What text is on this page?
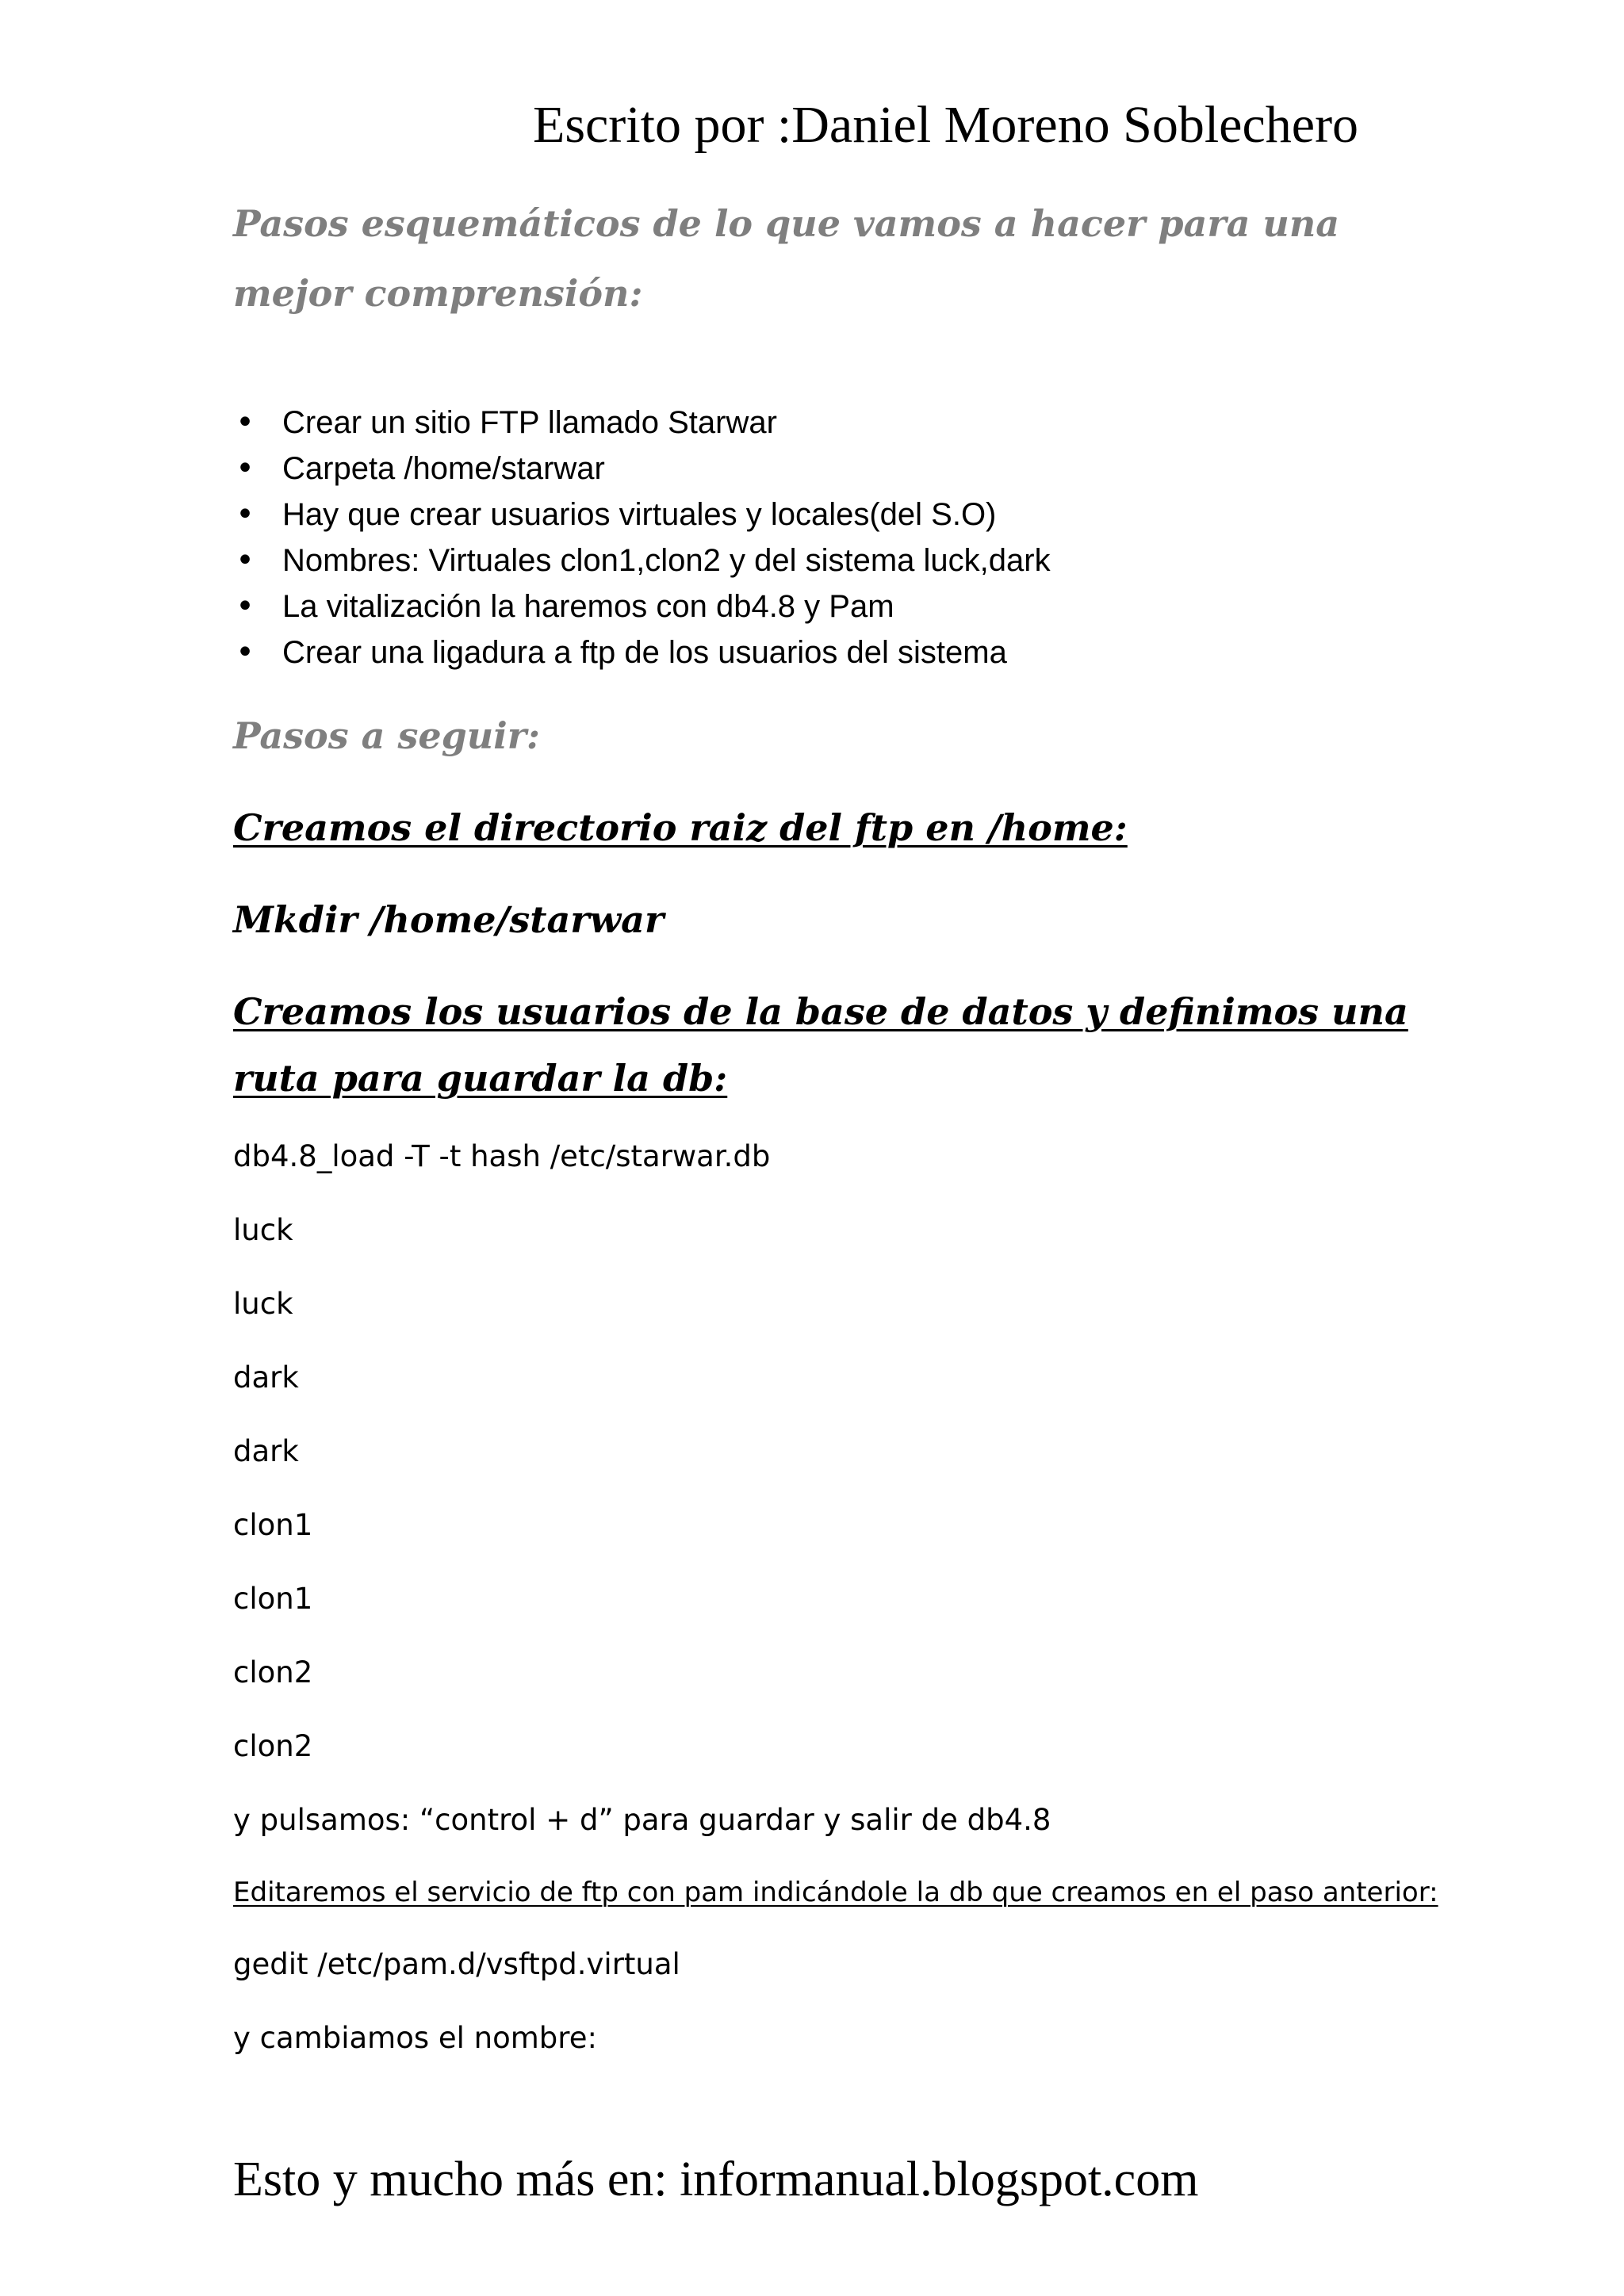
Escrito por :Daniel Moreno Soblechero
Pasos esquemáticos de lo que vamos a hacer para una mejor comprensión:
• Crear un sitio FTP llamado Starwar
• Carpeta /home/starwar
• Hay que crear usuarios virtuales y locales(del S.O)
• Nombres: Virtuales clon1,clon2 y del sistema luck,dark
• La vitalización la haremos con db4.8 y Pam
• Crear una ligadura a ftp de los usuarios del sistema
Pasos a seguir:
Creamos el directorio raiz del ftp en /home:
Mkdir /home/starwar
Creamos los usuarios de la base de datos y definimos una ruta para guardar la db:
db4.8_load -T -t hash /etc/starwar.db
luck
luck
dark
dark
clon1
clon1
clon2
clon2
y pulsamos: “control + d” para guardar y salir de db4.8
Editaremos el servicio de ftp con pam indicándole la db que creamos en el paso anterior:
gedit /etc/pam.d/vsftpd.virtual
y cambiamos el nombre:
Esto y mucho más en: informanual.blogspot.com
